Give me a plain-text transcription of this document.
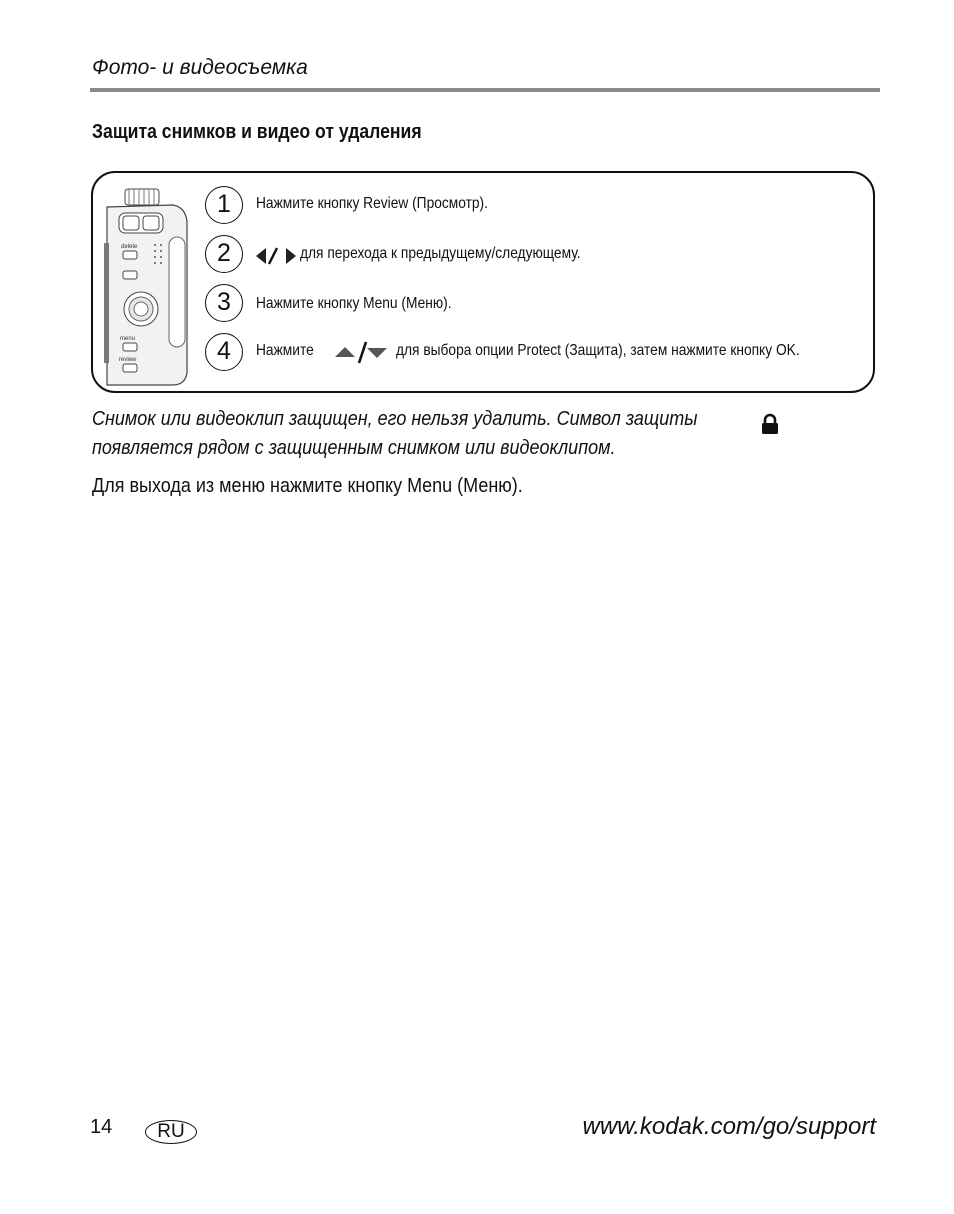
Фото- и видеосъемка
Защита снимков и видео от удаления
delete
menu
review
1	Нажмите кнопку Review (Просмотр).
2	для перехода к предыдущему/следующему.
3	Нажмите кнопку Menu (Меню).
4	Нажмите	для выбора опции Protect (Защита), затем нажмите кнопку OK.
Снимок или видеоклип защищен, его нельзя удалить. Символ защиты
появляется рядом с защищенным снимком или видеоклипом.
Для выхода из меню нажмите кнопку Menu (Меню).
14	RU	www.kodak.com/go/support
